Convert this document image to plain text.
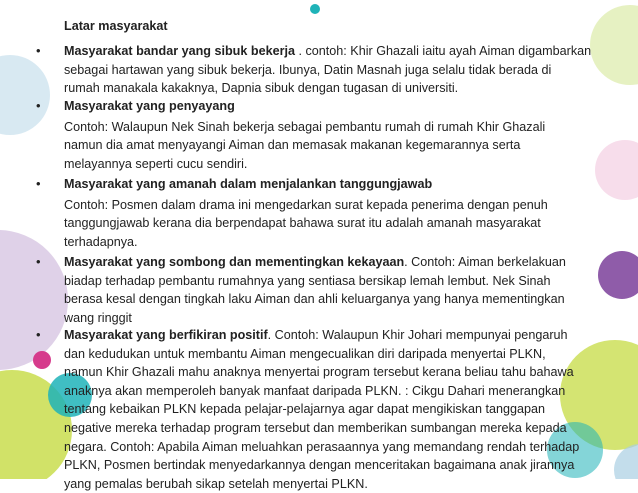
Latar masyarakat
• Masyarakat bandar yang sibuk bekerja . contoh: Khir Ghazali iaitu ayah Aiman digambarkan
sebagai hartawan yang sibuk bekerja. Ibunya, Datin Masnah juga selalu tidak berada di
rumah manakala kakaknya, Dapnia sibuk dengan tugasan di universiti.
• Masyarakat yang penyayang
Contoh: Walaupun Nek Sinah bekerja sebagai pembantu rumah di rumah Khir Ghazali
namun dia amat menyayangi Aiman dan memasak makanan kegemarannya serta
melayannya seperti cucu sendiri.
• Masyarakat yang amanah dalam menjalankan tanggungjawab
Contoh: Posmen dalam drama ini mengedarkan surat kepada penerima dengan penuh
tanggungjawab kerana dia berpendapat bahawa surat itu adalah amanah masyarakat
terhadapnya.
• Masyarakat yang sombong dan mementingkan kekayaan. Contoh: Aiman berkelakuan
biadap terhadap pembantu rumahnya yang sentiasa bersikap lemah lembut. Nek Sinah
berasa kesal dengan tingkah laku Aiman dan ahli keluarganya yang hanya mementingkan
wang ringgit
• Masyarakat yang berfikiran positif. Contoh: Walaupun Khir Johari mempunyai pengaruh
dan kedudukan untuk membantu Aiman mengecualikan diri daripada menyertai PLKN,
namun Khir Ghazali mahu anaknya menyertai program tersebut kerana beliau tahu bahawa
anaknya akan memperoleh banyak manfaat daripada PLKN. : Cikgu Dahari menerangkan
tentang kebaikan PLKN kepada pelajar-pelajarnya agar dapat mengikiskan tanggapan
negative mereka terhadap program tersebut dan memberikan sumbangan mereka kepada
negara. Contoh: Apabila Aiman meluahkan perasaannya yang memandang rendah terhadap
PLKN, Posmen bertindak menyedarkannya dengan menceritakan bagaimana anak jirannya
yang pemalas berubah sikap setelah menyertai PLKN.
